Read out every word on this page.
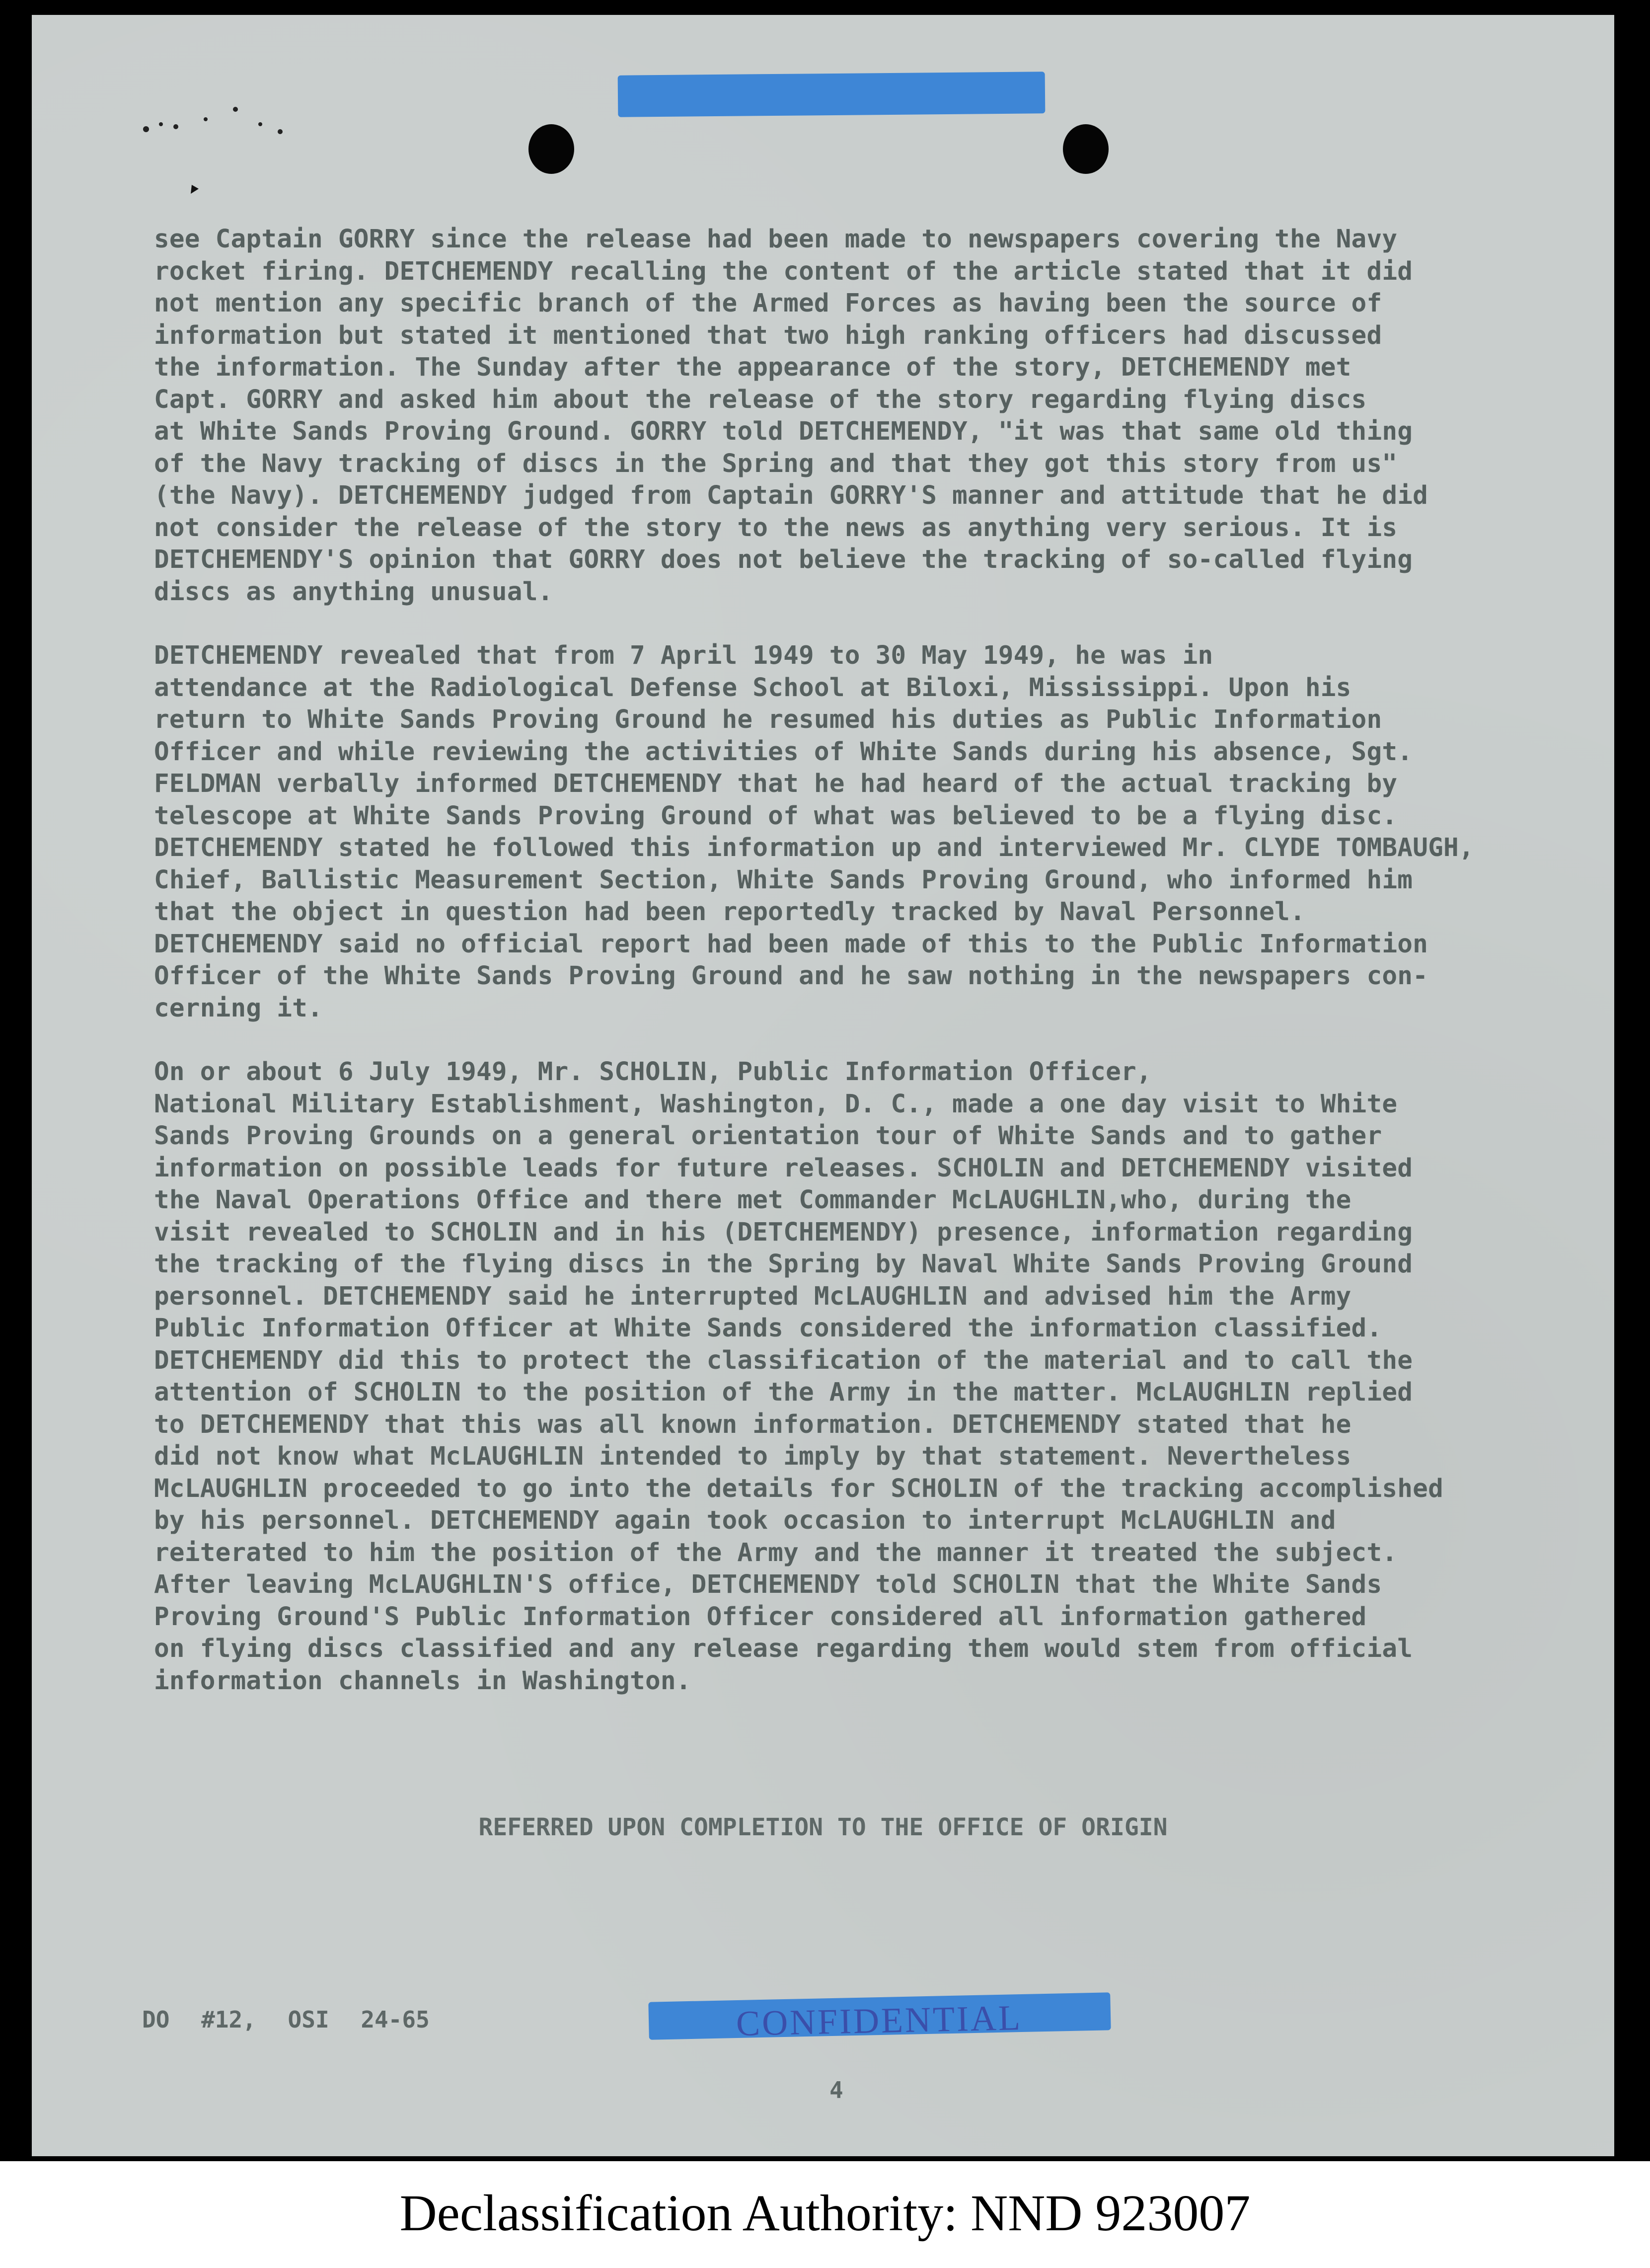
see Captain GORRY since the release had been made to newspapers covering the Navy
rocket firing. DETCHEMENDY recalling the content of the article stated that it did
not mention any specific branch of the Armed Forces as having been the source of
information but stated it mentioned that two high ranking officers had discussed
the information. The Sunday after the appearance of the story, DETCHEMENDY met
Capt. GORRY and asked him about the release of the story regarding flying discs
at White Sands Proving Ground. GORRY told DETCHEMENDY, "it was that same old thing
of the Navy tracking of discs in the Spring and that they got this story from us"
(the Navy). DETCHEMENDY judged from Captain GORRY'S manner and attitude that he did
not consider the release of the story to the news as anything very serious. It is
DETCHEMENDY'S opinion that GORRY does not believe the tracking of so-called flying
discs as anything unusual.

DETCHEMENDY revealed that from 7 April 1949 to 30 May 1949, he was in
attendance at the Radiological Defense School at Biloxi, Mississippi. Upon his
return to White Sands Proving Ground he resumed his duties as Public Information
Officer and while reviewing the activities of White Sands during his absence, Sgt.
FELDMAN verbally informed DETCHEMENDY that he had heard of the actual tracking by
telescope at White Sands Proving Ground of what was believed to be a flying disc.
DETCHEMENDY stated he followed this information up and interviewed Mr. CLYDE TOMBAUGH,
Chief, Ballistic Measurement Section, White Sands Proving Ground, who informed him
that the object in question had been reportedly tracked by Naval Personnel.
DETCHEMENDY said no official report had been made of this to the Public Information
Officer of the White Sands Proving Ground and he saw nothing in the newspapers con-
cerning it.

On or about 6 July 1949, Mr. SCHOLIN, Public Information Officer,
National Military Establishment, Washington, D. C., made a one day visit to White
Sands Proving Grounds on a general orientation tour of White Sands and to gather
information on possible leads for future releases. SCHOLIN and DETCHEMENDY visited
the Naval Operations Office and there met Commander McLAUGHLIN,who, during the
visit revealed to SCHOLIN and in his (DETCHEMENDY) presence, information regarding
the tracking of the flying discs in the Spring by Naval White Sands Proving Ground
personnel. DETCHEMENDY said he interrupted McLAUGHLIN and advised him the Army
Public Information Officer at White Sands considered the information classified.
DETCHEMENDY did this to protect the classification of the material and to call the
attention of SCHOLIN to the position of the Army in the matter. McLAUGHLIN replied
to DETCHEMENDY that this was all known information. DETCHEMENDY stated that he
did not know what McLAUGHLIN intended to imply by that statement. Nevertheless
McLAUGHLIN proceeded to go into the details for SCHOLIN of the tracking accomplished
by his personnel. DETCHEMENDY again took occasion to interrupt McLAUGHLIN and
reiterated to him the position of the Army and the manner it treated the subject.
After leaving McLAUGHLIN'S office, DETCHEMENDY told SCHOLIN that the White Sands
Proving Ground'S Public Information Officer considered all information gathered
on flying discs classified and any release regarding them would stem from official
information channels in Washington.

REFERRED UPON COMPLETION TO THE OFFICE OF ORIGIN
DO #12, OSI 24-65	CONFIDENTIAL
4
Declassification Authority: NND 923007
